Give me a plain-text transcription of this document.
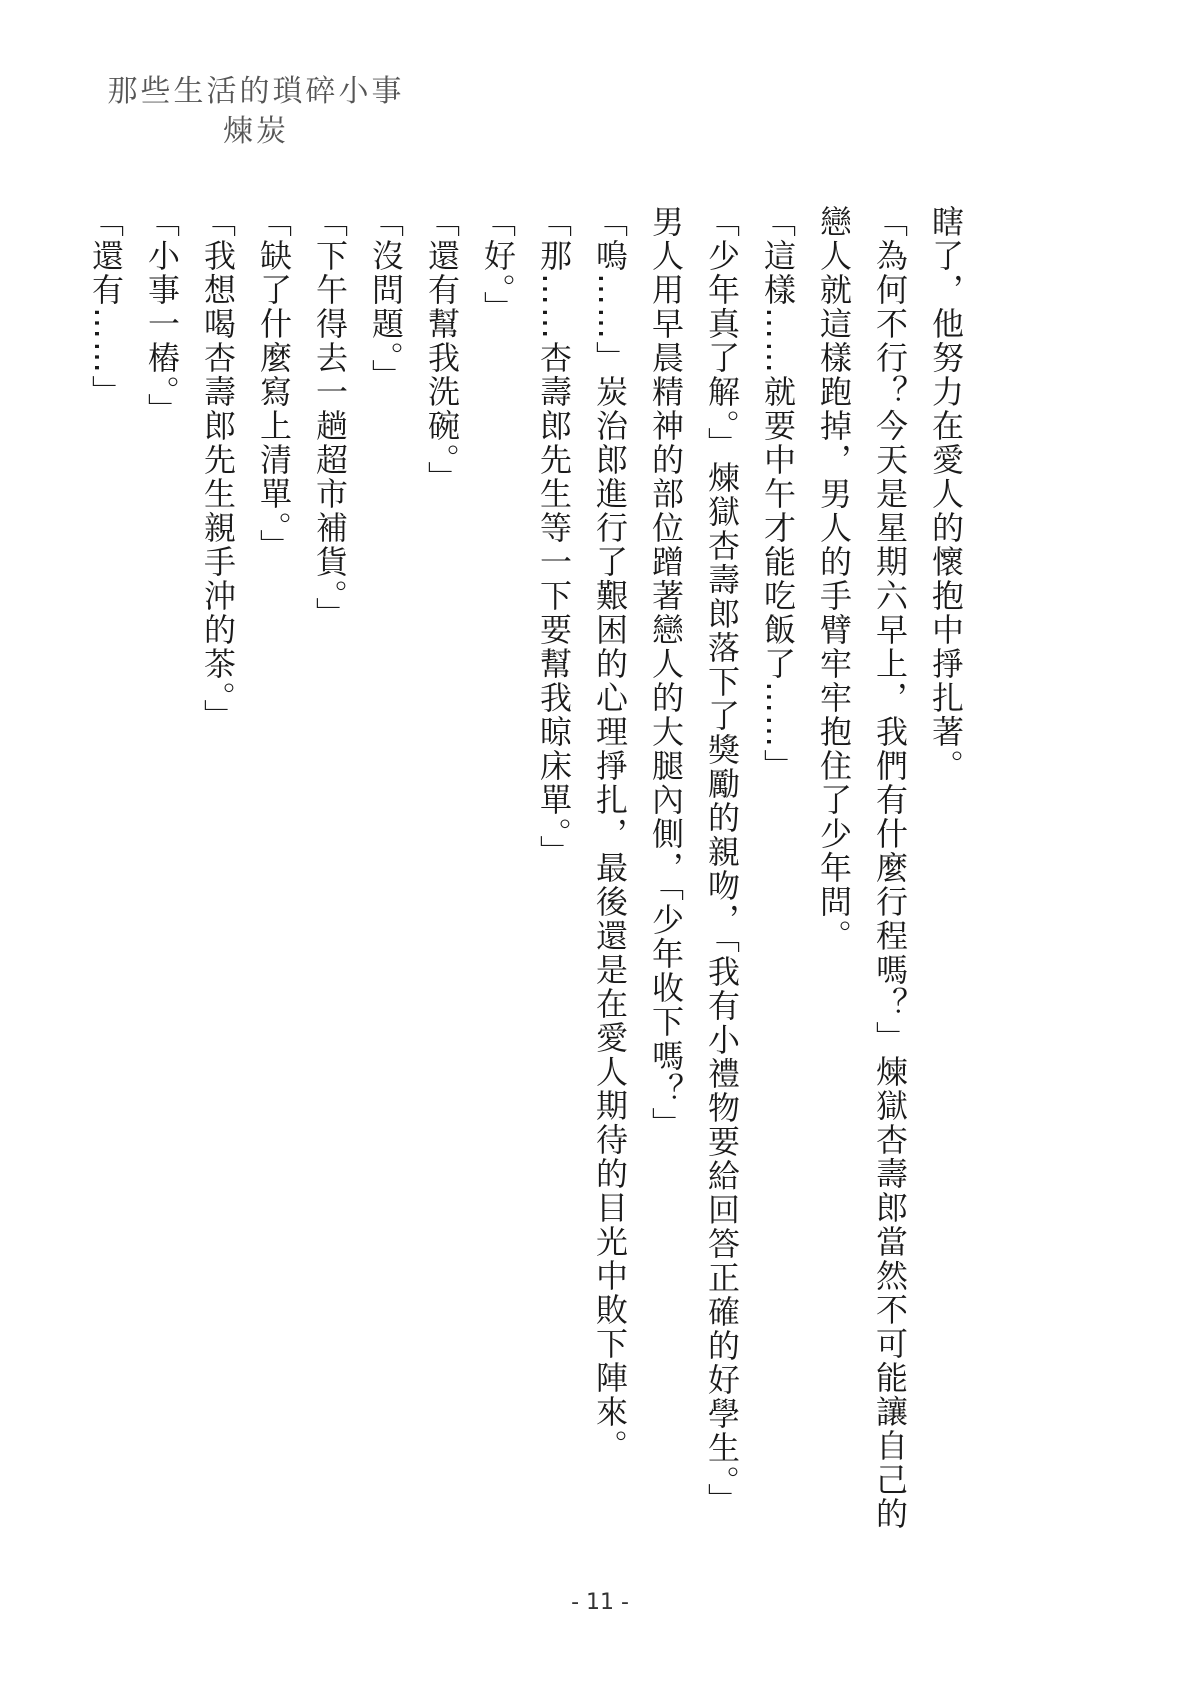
那些生活的瑣碎小事
煉炭

瞎了，他努力在愛人的懷抱中掙扎著。

「為何不行？今天是星期六早上，我們有什麼行程嗎？」煉獄杏壽郎當然不可能讓自己的戀人就這樣跑掉，男人的手臂牢牢抱住了少年問。

「這樣……就要中午才能吃飯了……」

「少年真了解。」煉獄杏壽郎落下了獎勵的親吻，「我有小禮物要給回答正確的好學生。」男人用早晨精神的部位蹭著戀人的大腿內側，「少年收下嗎？」

「嗚……」炭治郎進行了艱困的心理掙扎，最後還是在愛人期待的目光中敗下陣來。「那……杏壽郎先生等一下要幫我晾床單。」

「好。」

「還有幫我洗碗。」

「沒問題。」

「下午得去一趟超市補貨。」

「缺了什麼寫上清單。」

「我想喝杏壽郎先生親手沖的茶。」

「小事一樁。」

「還有……」

- 11 -
